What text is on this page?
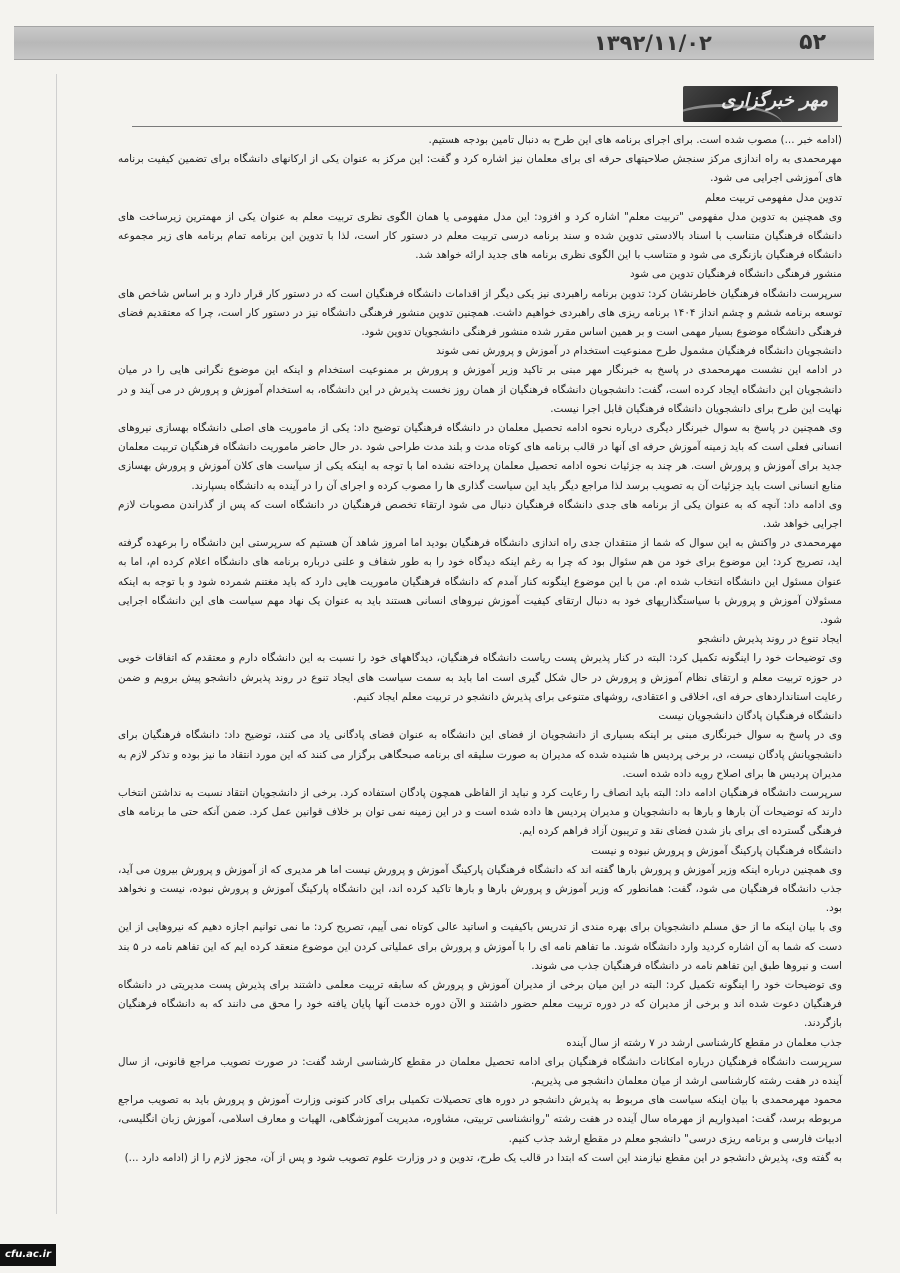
۱۳۹۲/۱۱/۰۲	۵۲
مهر خبرگزاری

(ادامه خبر ...) مصوب شده است. برای اجرای برنامه های این طرح به دنبال تامین بودجه هستیم.

مهرمحمدی به راه اندازی مرکز سنجش صلاحیتهای حرفه ای برای معلمان نیز اشاره کرد و گفت: این مرکز به عنوان یکی از ارکانهای دانشگاه برای تضمین کیفیت برنامه های آموزشی اجرایی می شود.

تدوین مدل مفهومی تربیت معلم

وی همچنین به تدوین مدل مفهومی "تربیت معلم" اشاره کرد و افزود: این مدل مفهومی یا همان الگوی نظری تربیت معلم به عنوان یکی از مهمترین زیرساخت های دانشگاه فرهنگیان متناسب با اسناد بالادستی تدوین شده و سند برنامه درسی تربیت معلم در دستور کار است، لذا با تدوین این برنامه تمام برنامه های زیر مجموعه دانشگاه فرهنگیان بازنگری می شود و متناسب با این الگوی نظری برنامه های جدید ارائه خواهد شد.

منشور فرهنگی دانشگاه فرهنگیان تدوین می شود

سرپرست دانشگاه فرهنگیان خاطرنشان کرد: تدوین برنامه راهبردی نیز یکی دیگر از اقدامات دانشگاه فرهنگیان است که در دستور کار قرار دارد و بر اساس شاخص های توسعه برنامه ششم و چشم انداز ۱۴۰۴ برنامه ریزی های راهبردی خواهیم داشت. همچنین تدوین منشور فرهنگی دانشگاه نیز در دستور کار است، چرا که معتقدیم فضای فرهنگی دانشگاه موضوع بسیار مهمی است و بر همین اساس مقرر شده منشور فرهنگی دانشجویان تدوین شود.

دانشجویان دانشگاه فرهنگیان مشمول طرح ممنوعیت استخدام در آموزش و پرورش نمی شوند

در ادامه این نشست مهرمحمدی در پاسخ به خبرنگار مهر مبنی بر تاکید وزیر آموزش و پرورش بر ممنوعیت استخدام و اینکه این موضوع نگرانی هایی را در میان دانشجویان این دانشگاه ایجاد کرده است، گفت: دانشجویان دانشگاه فرهنگیان از همان روز نخست پذیرش در این دانشگاه، به استخدام آموزش و پرورش در می آیند و در نهایت این طرح برای دانشجویان دانشگاه فرهنگیان قابل اجرا نیست.

وی همچنین در پاسخ به سوال خبرنگار دیگری درباره نحوه ادامه تحصیل معلمان در دانشگاه فرهنگیان توضیح داد: یکی از ماموریت های اصلی دانشگاه بهسازی نیروهای انسانی فعلی است که باید زمینه آموزش حرفه ای آنها در قالب برنامه های کوتاه مدت و بلند مدت طراحی شود .در حال حاضر ماموریت دانشگاه فرهنگیان تربیت معلمان جدید برای آموزش و پرورش است. هر چند به جزئیات نحوه ادامه تحصیل معلمان پرداخته نشده اما با توجه به اینکه یکی از سیاست های کلان آموزش و پرورش بهسازی منابع انسانی است باید جزئیات آن به تصویب برسد لذا مراجع دیگر باید این سیاست گذاری ها را مصوب کرده و اجرای آن را در آینده به دانشگاه بسپارند.

وی ادامه داد: آنچه که به عنوان یکی از برنامه های جدی دانشگاه فرهنگیان دنبال می شود ارتقاء تخصص فرهنگیان در دانشگاه است که پس از گذراندن مصوبات لازم اجرایی خواهد شد.

مهرمحمدی در واکنش به این سوال که شما از منتقدان جدی راه اندازی دانشگاه فرهنگیان بودید اما امروز شاهد آن هستیم که سرپرستی این دانشگاه را برعهده گرفته اید، تصریح کرد: این موضوع برای خود من هم سئوال بود که چرا به رغم اینکه دیدگاه خود را به طور شفاف و علنی درباره برنامه های دانشگاه اعلام کرده ام، اما به عنوان مسئول این دانشگاه انتخاب شده ام. من با این موضوع اینگونه کنار آمدم که دانشگاه فرهنگیان ماموریت هایی دارد که باید مغتنم شمرده شود و با توجه به اینکه مسئولان آموزش و پرورش با سیاستگذاریهای خود به دنبال ارتقای کیفیت آموزش نیروهای انسانی هستند باید به عنوان یک نهاد مهم سیاست های این دانشگاه اجرایی شود.

ایجاد تنوع در روند پذیرش دانشجو

وی توضیحات خود را اینگونه تکمیل کرد: البته در کنار پذیرش پست ریاست دانشگاه فرهنگیان، دیدگاههای خود را نسبت به این دانشگاه دارم و معتقدم که اتفاقات خوبی در حوزه تربیت معلم و ارتقای نظام آموزش و پرورش در حال شکل گیری است اما باید به سمت سیاست های ایجاد تنوع در روند پذیرش دانشجو پیش برویم و ضمن رعایت استانداردهای حرفه ای، اخلاقی و اعتقادی، روشهای متنوعی برای پذیرش دانشجو در تربیت معلم ایجاد کنیم.

دانشگاه فرهنگیان پادگان دانشجویان نیست

وی در پاسخ به سوال خبرنگاری مبنی بر اینکه بسیاری از دانشجویان از فضای این دانشگاه به عنوان فضای پادگانی یاد می کنند، توضیح داد: دانشگاه فرهنگیان برای دانشجویانش پادگان نیست، در برخی پردیس ها شنیده شده که مدیران به صورت سلیقه ای برنامه صبحگاهی برگزار می کنند که این مورد انتقاد ما نیز بوده و تذکر لازم به مدیران پردیس ها برای اصلاح رویه داده شده است.

سرپرست دانشگاه فرهنگیان ادامه داد: البته باید انصاف را رعایت کرد و نباید از الفاظی همچون پادگان استفاده کرد. برخی از دانشجویان انتقاد نسبت به نداشتن انتخاب دارند که توضیحات آن بارها و بارها به دانشجویان و مدیران پردیس ها داده شده است و در این زمینه نمی توان بر خلاف قوانین عمل کرد. ضمن آنکه حتی ما برنامه های فرهنگی گسترده ای برای باز شدن فضای نقد و تریبون آزاد فراهم کرده ایم.

دانشگاه فرهنگیان پارکینگ آموزش و پرورش نبوده و نیست

وی همچنین درباره اینکه وزیر آموزش و پرورش بارها گفته اند که دانشگاه فرهنگیان پارکینگ آموزش و پرورش نیست اما هر مدیری که از آموزش و پرورش بیرون می آید، جذب دانشگاه فرهنگیان می شود، گفت: همانطور که وزیر آموزش و پرورش بارها و بارها تاکید کرده اند، این دانشگاه پارکینگ آموزش و پرورش نبوده، نیست و نخواهد بود.

وی با بیان اینکه ما از حق مسلم دانشجویان برای بهره مندی از تدریس باکیفیت و اساتید عالی کوتاه نمی آییم، تصریح کرد: ما نمی توانیم اجازه دهیم که نیروهایی از این دست که شما به آن اشاره کردید وارد دانشگاه شوند. ما تفاهم نامه ای را با آموزش و پرورش برای عملیاتی کردن این موضوع منعقد کرده ایم که این تفاهم نامه در ۵ بند است و نیروها طبق این تفاهم نامه در دانشگاه فرهنگیان جذب می شوند.

وی توضیحات خود را اینگونه تکمیل کرد: البته در این میان برخی از مدیران آموزش و پرورش که سابقه تربیت معلمی داشتند برای پذیرش پست مدیریتی در دانشگاه فرهنگیان دعوت شده اند و برخی از مدیران که در دوره تربیت معلم حضور داشتند و الآن دوره خدمت آنها پایان یافته خود را محق می دانند که به دانشگاه فرهنگیان بازگردند.

جذب معلمان در مقطع کارشناسی ارشد در ۷ رشته از سال آینده

سرپرست دانشگاه فرهنگیان درباره امکانات دانشگاه فرهنگیان برای ادامه تحصیل معلمان در مقطع کارشناسی ارشد گفت: در صورت تصویب مراجع قانونی، از سال آینده در هفت رشته کارشناسی ارشد از میان معلمان دانشجو می پذیریم.

محمود مهرمحمدی با بیان اینکه سیاست های مربوط به پذیرش دانشجو در دوره های تحصیلات تکمیلی برای کادر کنونی وزارت آموزش و پرورش باید به تصویب مراجع مربوطه برسد، گفت: امیدواریم از مهرماه سال آینده در هفت رشته "روانشناسی تربیتی، مشاوره، مدیریت آموزشگاهی، الهیات و معارف اسلامی، آموزش زبان انگلیسی، ادبیات فارسی و برنامه ریزی درسی" دانشجو معلم در مقطع ارشد جذب کنیم.

به گفته وی، پذیرش دانشجو در این مقطع نیازمند این است که ابتدا در قالب یک طرح، تدوین و در وزارت علوم تصویب شود و پس از آن، مجوز لازم را از (ادامه دارد ...)

cfu.ac.ir
